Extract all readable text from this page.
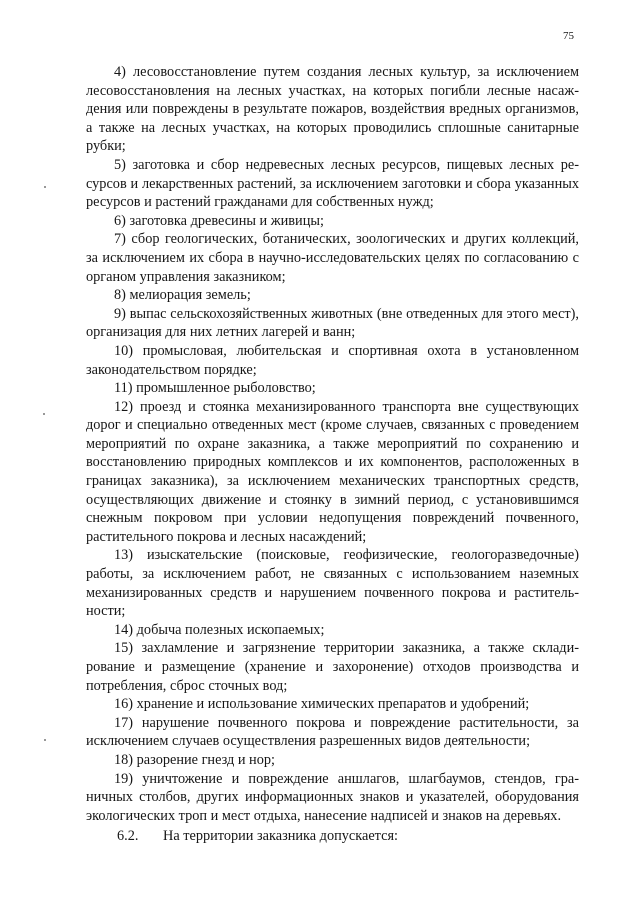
75

4) лесовосстановление путем создания лесных культур, за исключением лесовосстановления на лесных участках, на которых погибли лесные насаждения или повреждены в результате пожаров, воздействия вредных организмов, а также на лесных участках, на которых проводились сплошные санитарные рубки;

5) заготовка и сбор недревесных лесных ресурсов, пищевых лесных ресурсов и лекарственных растений, за исключением заготовки и сбора указанных ресурсов и растений гражданами для собственных нужд;

6) заготовка древесины и живицы;

7) сбор геологических, ботанических, зоологических и других коллекций, за исключением их сбора в научно-исследовательских целях по согласованию с органом управления заказником;

8) мелиорация земель;

9) выпас сельскохозяйственных животных (вне отведенных для этого мест), организация для них летних лагерей и ванн;

10) промысловая, любительская и спортивная охота в установленном законодательством порядке;

11) промышленное рыболовство;

12) проезд и стоянка механизированного транспорта вне существующих дорог и специально отведенных мест (кроме случаев, связанных с проведением мероприятий по охране заказника, а также мероприятий по сохранению и восстановлению природных комплексов и их компонентов, расположенных в границах заказника), за исключением механических транспортных средств, осуществляющих движение и стоянку в зимний период, с установившимся снежным покровом при условии недопущения повреждений почвенного, растительного покрова и лесных насаждений;

13) изыскательские (поисковые, геофизические, геологоразведочные) работы, за исключением работ, не связанных с использованием наземных механизированных средств и нарушением почвенного покрова и растительности;

14) добыча полезных ископаемых;

15) захламление и загрязнение территории заказника, а также складирование и размещение (хранение и захоронение) отходов производства и потребления, сброс сточных вод;

16) хранение и использование химических препаратов и удобрений;

17) нарушение почвенного покрова и повреждение растительности, за исключением случаев осуществления разрешенных видов деятельности;

18) разорение гнезд и нор;

19) уничтожение и повреждение аншлагов, шлагбаумов, стендов, граничных столбов, других информационных знаков и указателей, оборудования экологических троп и мест отдыха, нанесение надписей и знаков на деревьях.

6.2. На территории заказника допускается:
